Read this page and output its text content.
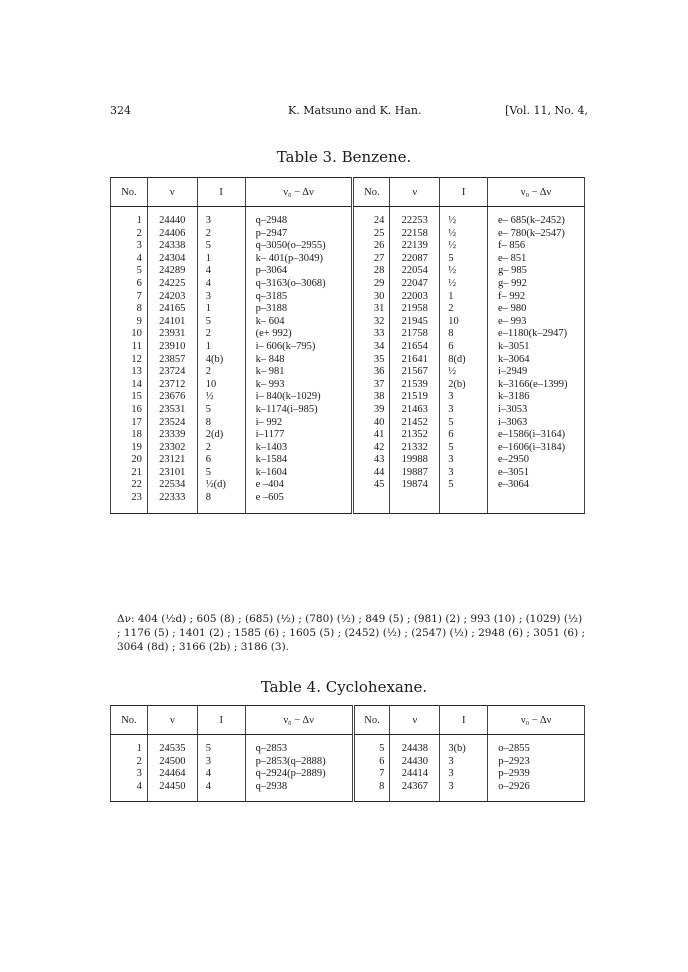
324	K. Matsuno and K. Han.	[Vol. 11, No. 4,
Table 3. Benzene.
No.	ν	I	ν₀ − Δν	No.	ν	I	ν₀ − Δν

1	24440	3	q–2948	24	22253	½	e– 685(k–2452)
2	24406	2	p–2947	25	22158	½	e– 780(k–2547)
3	24338	5	q–3050(o–2955)	26	22139	½	f– 856
4	24304	1	k– 401(p–3049)	27	22087	5	e– 851
5	24289	4	p–3064	28	22054	½	g– 985
6	24225	4	q–3163(o–3068)	29	22047	½	g– 992
7	24203	3	q–3185	30	22003	1	f– 992
8	24165	1	p–3188	31	21958	2	e– 980
9	24101	5	k– 604	32	21945	10	e– 993
10	23931	2	(e+ 992)	33	21758	8	e–1180(k–2947)
11	23910	1	i– 606(k–795)	34	21654	6	k–3051
12	23857	4(b)	k– 848	35	21641	8(d)	k–3064
13	23724	2	k– 981	36	21567	½	i–2949
14	23712	10	k– 993	37	21539	2(b)	k–3166(e–1399)
15	23676	½	i– 840(k–1029)	38	21519	3	k–3186
16	23531	5	k–1174(i–985)	39	21463	3	i–3053
17	23524	8	i– 992	40	21452	5	i–3063
18	23339	2(d)	i–1177	41	21352	6	e–1586(i–3164)
19	23302	2	k–1403	42	21332	5	e–1606(i–3184)
20	23121	6	k–1584	43	19988	3	e–2950
21	23101	5	k–1604	44	19887	3	e–3051
22	22534	½(d)	e –404	45	19874	5	e–3064
23	22333	8	e –605				

Δν: 404 (½d) ; 605 (8) ; (685) (½) ; (780) (½) ; 849 (5) ; (981) (2) ; 993 (10) ; (1029) (½) ; 1176 (5) ; 1401 (2) ; 1585 (6) ; 1605 (5) ; (2452) (½) ; (2547) (½) ; 2948 (6) ; 3051 (6) ; 3064 (8d) ; 3166 (2b) ; 3186 (3).
Table 4. Cyclohexane.
No.	ν	I	ν₀ − Δν	No.	ν	I	ν₀ − Δν

1	24535	5	q–2853	5	24438	3(b)	o–2855
2	24500	3	p–2853(q–2888)	6	24430	3	p–2923
3	24464	4	q–2924(p–2889)	7	24414	3	p–2939
4	24450	4	q–2938	8	24367	3	o–2926
